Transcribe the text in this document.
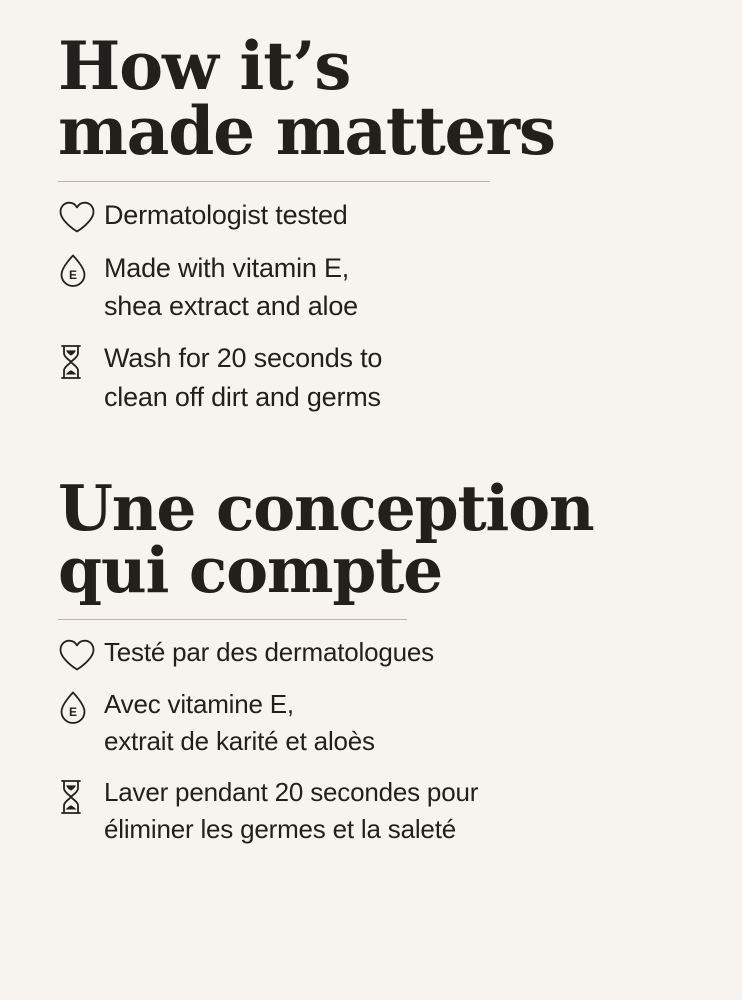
How it’s
made matters
Dermatologist tested
E Made with vitamin E,
shea extract and aloe
Wash for 20 seconds to
clean off dirt and germs
Une conception
qui compte
Testé par des dermatologues
E Avec vitamine E,
extrait de karité et aloès
Laver pendant 20 secondes pour
éliminer les germes et la saleté
